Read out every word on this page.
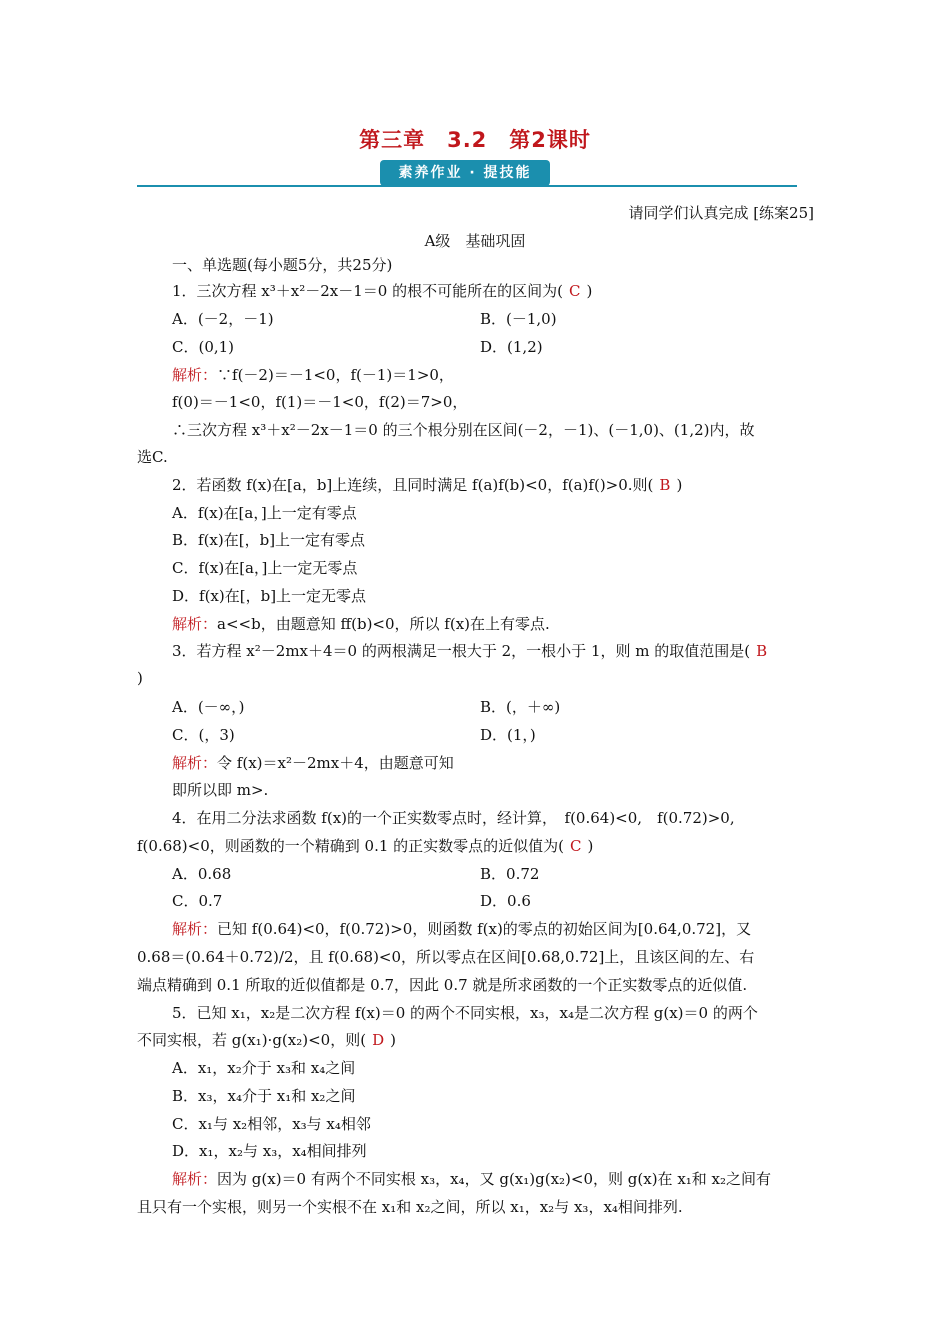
第三章　3.2　第2课时
素养作业 · 提技能
请同学们认真完成 [练案25]
A级　基础巩固
一、单选题(每小题5分，共25分)
1．三次方程 x³＋x²－2x－1＝0 的根不可能所在的区间为( C )
A．(－2，－1)	B．(－1,0)
C．(0,1)	D．(1,2)
解析：∵f(－2)＝－1<0，f(－1)＝1>0，
f(0)＝－1<0，f(1)＝－1<0，f(2)＝7>0，
∴三次方程 x³＋x²－2x－1＝0 的三个根分别在区间(－2，－1)、(－1,0)、(1,2)内，故
选C.
2．若函数 f(x)在[a，b]上连续，且同时满足 f(a)f(b)<0，f(a)f()>0.则( B )
A．f(x)在[a，]上一定有零点
B．f(x)在[，b]上一定有零点
C．f(x)在[a，]上一定无零点
D．f(x)在[，b]上一定无零点
解析：a<<b，由题意知 ff(b)<0，所以 f(x)在上有零点.
3．若方程 x²－2mx＋4＝0 的两根满足一根大于 2，一根小于 1，则 m 的取值范围是( B
)
A．(－∞，)	B．(，＋∞)
C．(，3)	D．(1，)
解析：令 f(x)＝x²－2mx＋4，由题意可知
即所以即 m>.
4．在用二分法求函数 f(x)的一个正实数零点时，经计算，　f(0.64)<0,　f(0.72)>0,
f(0.68)<0，则函数的一个精确到 0.1 的正实数零点的近似值为( C )
A．0.68	B．0.72
C．0.7	D．0.6
解析：已知 f(0.64)<0，f(0.72)>0，则函数 f(x)的零点的初始区间为[0.64,0.72]，又
0.68＝(0.64＋0.72)/2，且 f(0.68)<0，所以零点在区间[0.68,0.72]上，且该区间的左、右
端点精确到 0.1 所取的近似值都是 0.7，因此 0.7 就是所求函数的一个正实数零点的近似值.
5．已知 x₁，x₂是二次方程 f(x)＝0 的两个不同实根，x₃，x₄是二次方程 g(x)＝0 的两个
不同实根，若 g(x₁)·g(x₂)<0，则( D )
A．x₁，x₂介于 x₃和 x₄之间
B．x₃，x₄介于 x₁和 x₂之间
C．x₁与 x₂相邻，x₃与 x₄相邻
D．x₁，x₂与 x₃，x₄相间排列
解析：因为 g(x)＝0 有两个不同实根 x₃，x₄，又 g(x₁)g(x₂)<0，则 g(x)在 x₁和 x₂之间有
且只有一个实根，则另一个实根不在 x₁和 x₂之间，所以 x₁，x₂与 x₃，x₄相间排列.
